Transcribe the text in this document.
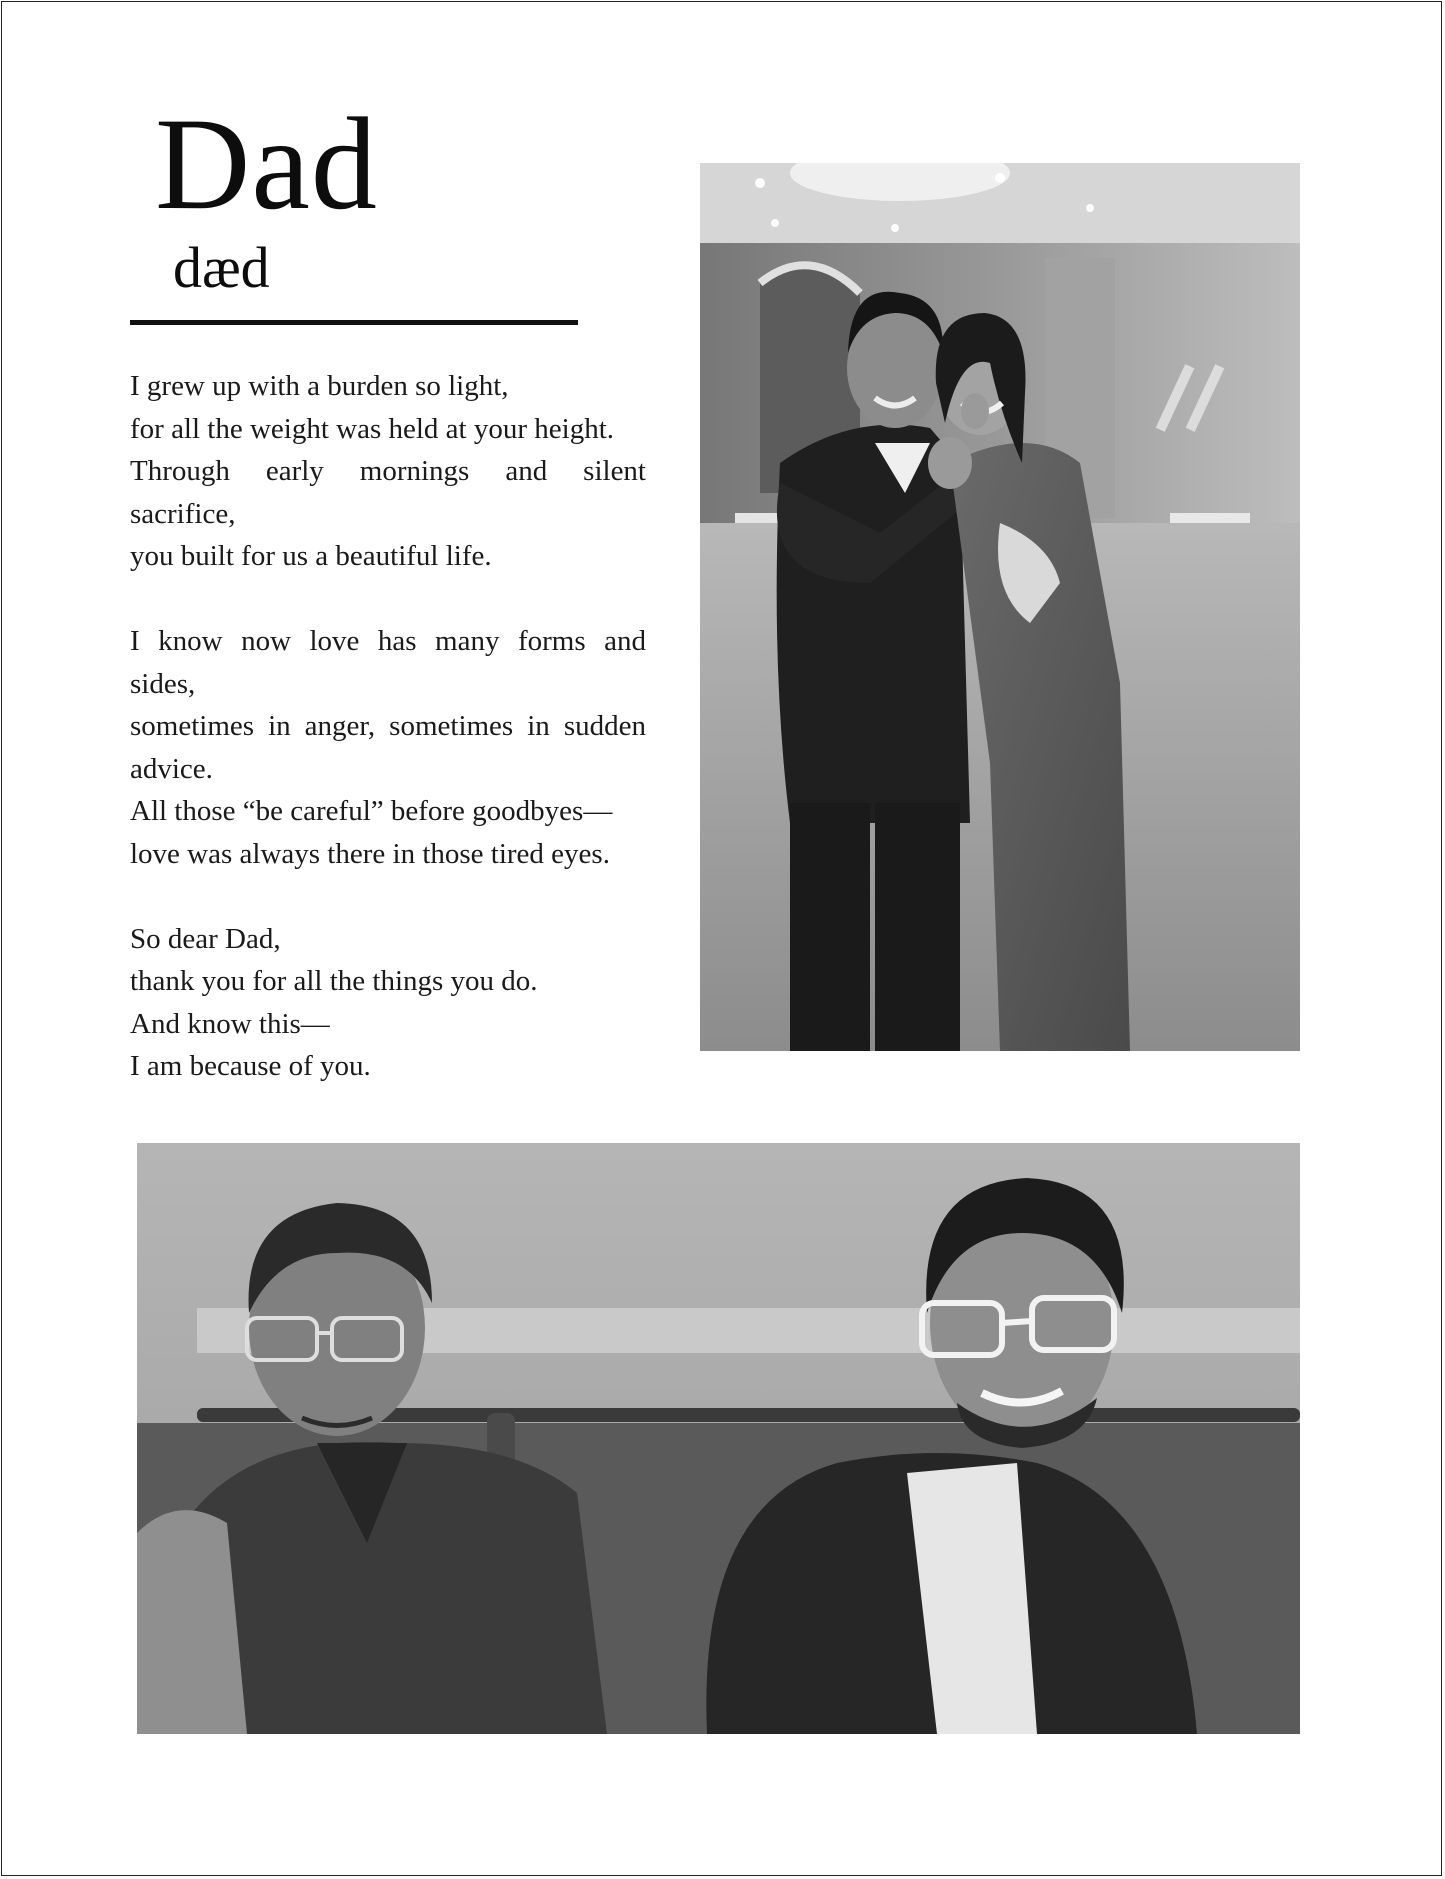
Dad
dæd

I grew up with a burden so light,
for all the weight was held at your height.
Through early mornings and silent
sacrifice,
you built for us a beautiful life.

I know now love has many forms and
sides,
sometimes in anger, sometimes in sudden
advice.
All those “be careful” before goodbyes—
love was always there in those tired eyes.

So dear Dad,
thank you for all the things you do.
And know this—
I am because of you.
